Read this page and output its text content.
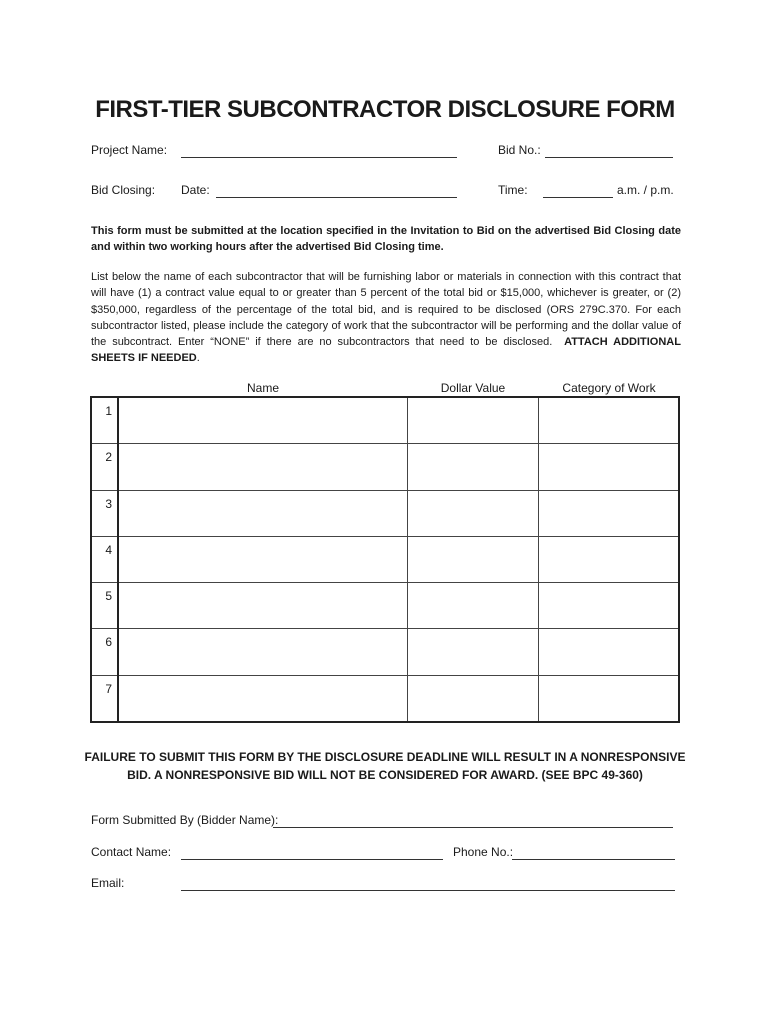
FIRST-TIER SUBCONTRACTOR DISCLOSURE FORM
Project Name:	Bid No.:
Bid Closing: Date:	Time:	a.m. / p.m.
This form must be submitted at the location specified in the Invitation to Bid on the advertised Bid Closing date and within two working hours after the advertised Bid Closing time.
List below the name of each subcontractor that will be furnishing labor or materials in connection with this contract that will have (1) a contract value equal to or greater than 5 percent of the total bid or $15,000, whichever is greater, or (2) $350,000, regardless of the percentage of the total bid, and is required to be disclosed (ORS 279C.370. For each subcontractor listed, please include the category of work that the subcontractor will be performing and the dollar value of the subcontract. Enter “NONE” if there are no subcontractors that need to be disclosed. ATTACH ADDITIONAL SHEETS IF NEEDED.
Name	Dollar Value	Category of Work
1			
2			
3			
4			
5			
6			
7			
FAILURE TO SUBMIT THIS FORM BY THE DISCLOSURE DEADLINE WILL RESULT IN A NONRESPONSIVE
BID. A NONRESPONSIVE BID WILL NOT BE CONSIDERED FOR AWARD. (SEE BPC 49-360)
Form Submitted By (Bidder Name):
Contact Name:	Phone No.:
Email:
